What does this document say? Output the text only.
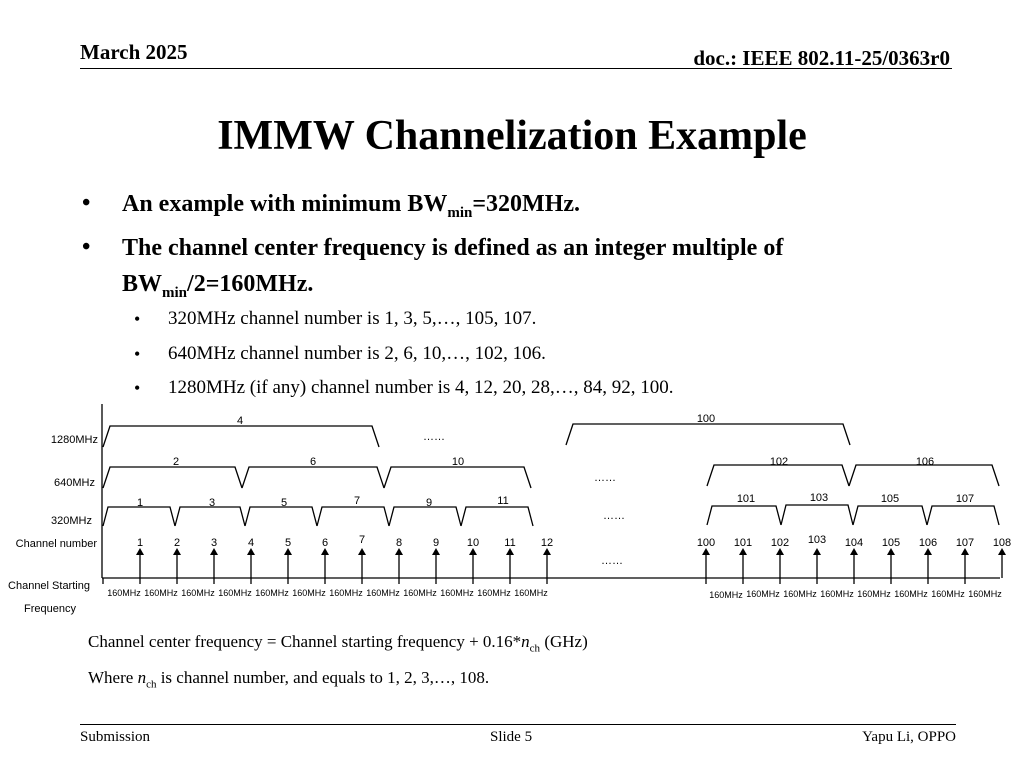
March 2025	doc.: IEEE 802.11-25/0363r0
IMMW Channelization Example
• An example with minimum $BW_{min}=320MHz$.
• The channel center frequency is defined as an integer multiple of
$BW_{min}/2=160MHz$.
• 320MHz channel number is 1, 3, 5,…, 105, 107.
• 640MHz channel number is 2, 6, 10,…, 102, 106.
• 1280MHz (if any) channel number is 4, 12, 20, 28,…, 84, 92, 100.
1280MHz
640MHz
320MHz
Channel number
Channel Starting
Frequency
4	100
2	6	10	102	106
1	3	5	7	9	11	101	103	105	107
……
……
……
……
1	2	3	4	5	6	7	8	9	10 11 12	100 101 102 103 104 105 106 107 108
160MHz 160MHz 160MHz 160MHz 160MHz 160MHz 160MHz 160MHz 160MHz 160MHz 160MHz 160MHz	160MHz 160MHz 160MHz 160MHz 160MHz 160MHz 160MHz 160MHz
Channel center frequency = Channel starting frequency + $0.16*n_{ch}$ (GHz)
Where $n_{ch}$ is channel number, and equals to 1, 2, 3,…, 108.
Submission	Slide 5	Yapu Li, OPPO
